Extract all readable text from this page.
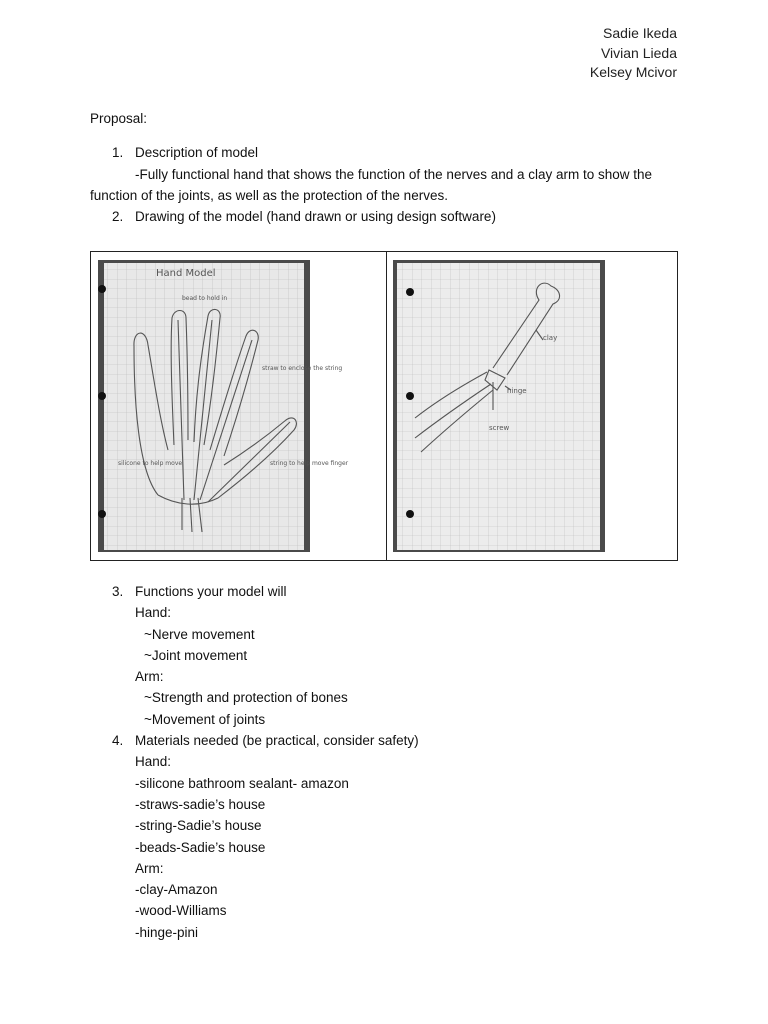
Sadie Ikeda
Vivian Lieda
Kelsey Mcivor
Proposal:
1. Description of model
-Fully functional hand that shows the function of the nerves and a clay arm to show the function of the joints, as well as the protection of the nerves.
2. Drawing of the model (hand drawn or using design software)
Hand Model
bead to hold in
straw to enclose the string
silicone to help move	string to help move finger
clay
hinge
screw
3. Functions your model will
Hand:
~Nerve movement
~Joint movement
Arm:
~Strength and protection of bones
~Movement of joints
4. Materials needed (be practical, consider safety)
Hand:
-silicone bathroom sealant- amazon
-straws-sadie’s house
-string-Sadie’s house
-beads-Sadie’s house
Arm:
-clay-Amazon
-wood-Williams
-hinge-pini
